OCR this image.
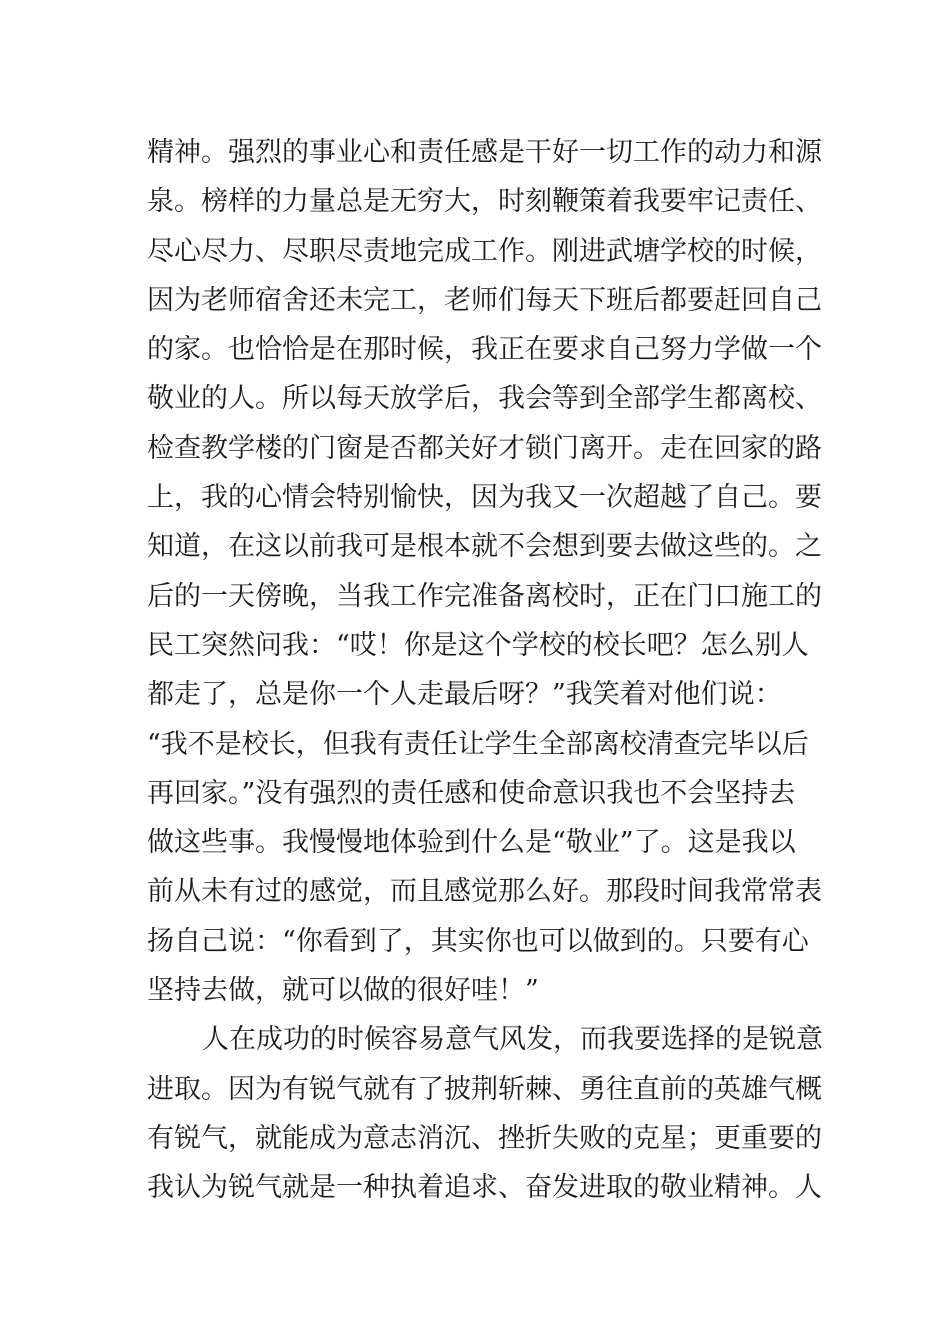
精神。强烈的事业心和责任感是干好一切工作的动力和源
泉。榜样的力量总是无穷大，时刻鞭策着我要牢记责任、
尽心尽力、尽职尽责地完成工作。刚进武塘学校的时候，
因为老师宿舍还未完工，老师们每天下班后都要赶回自己
的家。也恰恰是在那时候，我正在要求自己努力学做一个
敬业的人。所以每天放学后，我会等到全部学生都离校、
检查教学楼的门窗是否都关好才锁门离开。走在回家的路
上，我的心情会特别愉快，因为我又一次超越了自己。要
知道，在这以前我可是根本就不会想到要去做这些的。之
后的一天傍晚，当我工作完准备离校时，正在门口施工的
民工突然问我：“哎！你是这个学校的校长吧？怎么别人
都走了，总是你一个人走最后呀？”我笑着对他们说：
“我不是校长，但我有责任让学生全部离校清查完毕以后
再回家。”没有强烈的责任感和使命意识我也不会坚持去
做这些事。我慢慢地体验到什么是“敬业”了。这是我以
前从未有过的感觉，而且感觉那么好。那段时间我常常表
扬自己说：“你看到了，其实你也可以做到的。只要有心
坚持去做，就可以做的很好哇！”
人在成功的时候容易意气风发，而我要选择的是锐意
进取。因为有锐气就有了披荆斩棘、勇往直前的英雄气概
有锐气，就能成为意志消沉、挫折失败的克星；更重要的
我认为锐气就是一种执着追求、奋发进取的敬业精神。人
